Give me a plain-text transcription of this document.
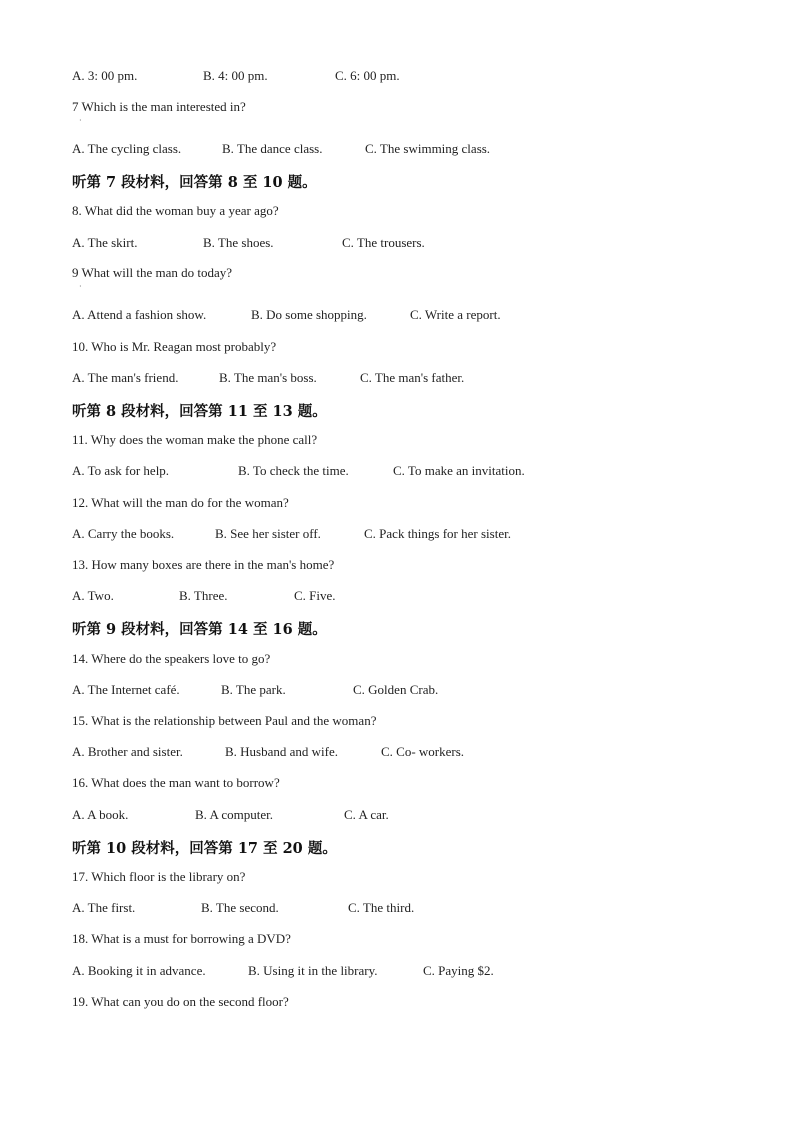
A. 3: 00 pm.	B. 4: 00 pm.	C. 6: 00 pm.
7 Which is the man interested in?
·
A. The cycling class.	B. The dance class.	C. The swimming class.
听第 7 段材料，回答第 8 至 10 题。
8. What did the woman buy a year ago?
A. The skirt.	B. The shoes.	C. The trousers.
9 What will the man do today?
·
A. Attend a fashion show.	B. Do some shopping.	C. Write a report.
10. Who is Mr. Reagan most probably?
A. The man's friend.	B. The man's boss.	C. The man's father.
听第 8 段材料，回答第 11 至 13 题。
11. Why does the woman make the phone call?
A. To ask for help.	B. To check the time.	C. To make an invitation.
12. What will the man do for the woman?
A. Carry the books.	B. See her sister off.	C. Pack things for her sister.
13. How many boxes are there in the man's home?
A. Two.	B. Three.	C. Five.
听第 9 段材料，回答第 14 至 16 题。
14. Where do the speakers love to go?
A. The Internet café.	B. The park.	C. Golden Crab.
15. What is the relationship between Paul and the woman?
A. Brother and sister.	B. Husband and wife.	C. Co- workers.
16. What does the man want to borrow?
A. A book.	B. A computer.	C. A car.
听第 10 段材料，回答第 17 至 20 题。
17. Which floor is the library on?
A. The first.	B. The second.	C. The third.
18. What is a must for borrowing a DVD?
A. Booking it in advance.	B. Using it in the library.	C. Paying $2.
19. What can you do on the second floor?
